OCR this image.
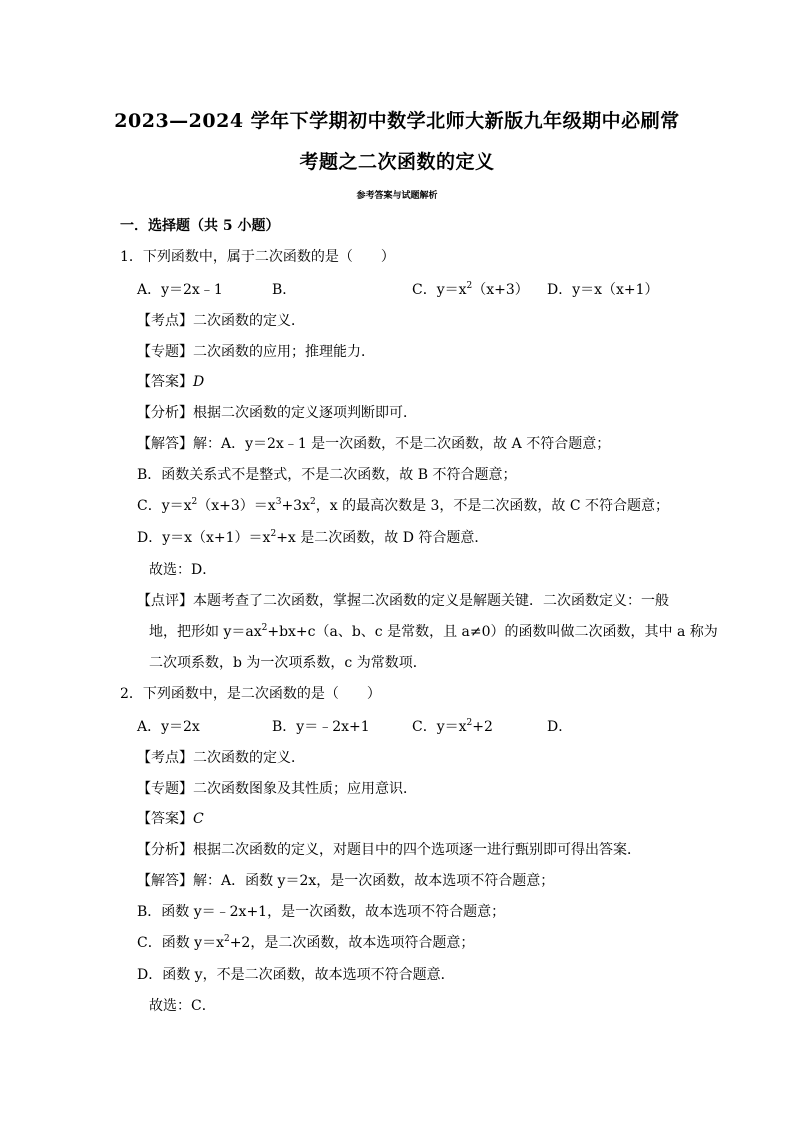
2023—2024 学年下学期初中数学北师大新版九年级期中必刷常
考题之二次函数的定义
参考答案与试题解析
一．选择题（共 5 小题）
1．下列函数中，属于二次函数的是（　　）
A．y＝2x﹣1	B．	C．$y=x^2(x+3)$ D．y＝x（x+1）
【考点】二次函数的定义．
【专题】二次函数的应用；推理能力．
【答案】D
【分析】根据二次函数的定义逐项判断即可．
【解答】解：A．y＝2x﹣1 是一次函数，不是二次函数，故 A 不符合题意；
B．函数关系式不是整式，不是二次函数，故 B 不符合题意；
C．$y=x^2(x+3)=x^3+3x^2$，x 的最高次数是 3，不是二次函数，故 C 不符合题意；
D．$y=x(x+1)=x^2+x$ 是二次函数，故 D 符合题意．
故选：D．
【点评】本题考查了二次函数，掌握二次函数的定义是解题关键．二次函数定义：一般
地，把形如 $y=ax^2+bx+c(a$、b、c 是常数，且 a≠0）的函数叫做二次函数，其中 a 称为
二次项系数，b 为一次项系数，c 为常数项．
2．下列函数中，是二次函数的是（　　）
A．y＝2x	B．y＝﹣2x+1	C．$y=x^2+2$	D．
【考点】二次函数的定义．
【专题】二次函数图象及其性质；应用意识．
【答案】C
【分析】根据二次函数的定义，对题目中的四个选项逐一进行甄别即可得出答案．
【解答】解：A．函数 y＝2x，是一次函数，故本选项不符合题意；
B．函数 y＝﹣2x+1，是一次函数，故本选项不符合题意；
C．函数 $y=x^2+2$，是二次函数，故本选项符合题意；
D．函数 y，不是二次函数，故本选项不符合题意．
故选：C．
